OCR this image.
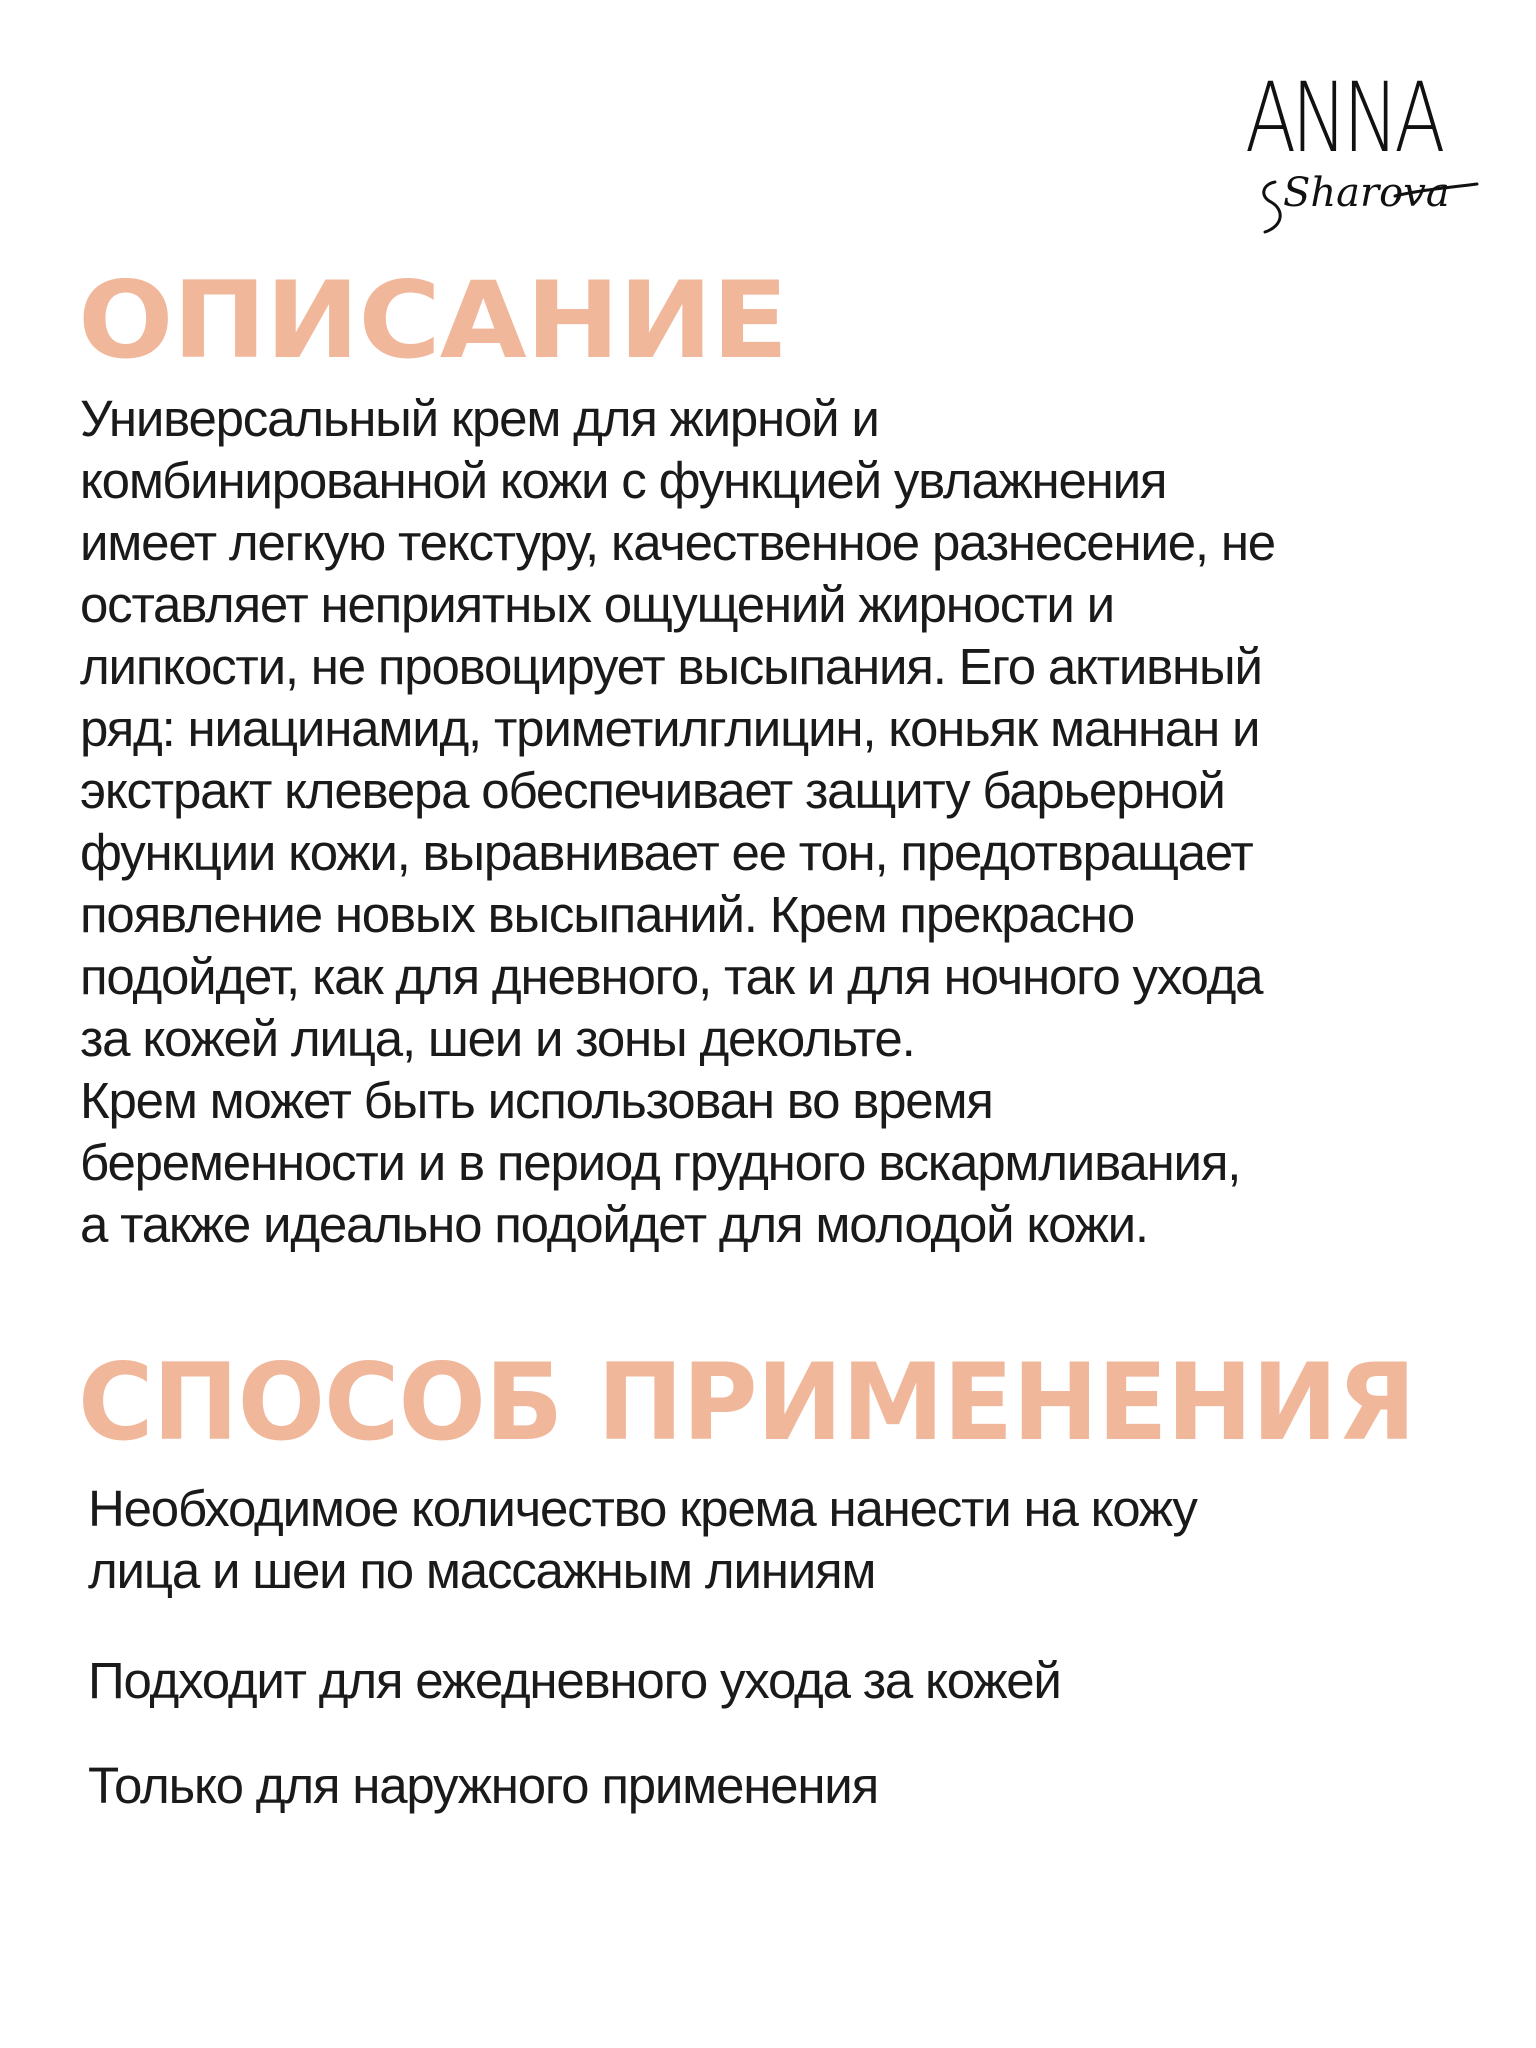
ANNA
Sharova
ОПИСАНИЕ

Универсальный крем для жирной и
комбинированной кожи с функцией увлажнения
имеет легкую текстуру, качественное разнесение, не
оставляет неприятных ощущений жирности и
липкости, не провоцирует высыпания. Его активный
ряд: ниацинамид, триметилглицин, коньяк маннан и
экстракт клевера обеспечивает защиту барьерной
функции кожи, выравнивает ее тон, предотвращает
появление новых высыпаний. Крем прекрасно
подойдет, как для дневного, так и для ночного ухода
за кожей лица, шеи и зоны декольте.
Крем может быть использован во время
беременности и в период грудного вскармливания,
а также идеально подойдет для молодой кожи.

СПОСОБ ПРИМЕНЕНИЯ

Необходимое количество крема нанести на кожу
лица и шеи по массажным линиям

Подходит для ежедневного ухода за кожей

Только для наружного применения
